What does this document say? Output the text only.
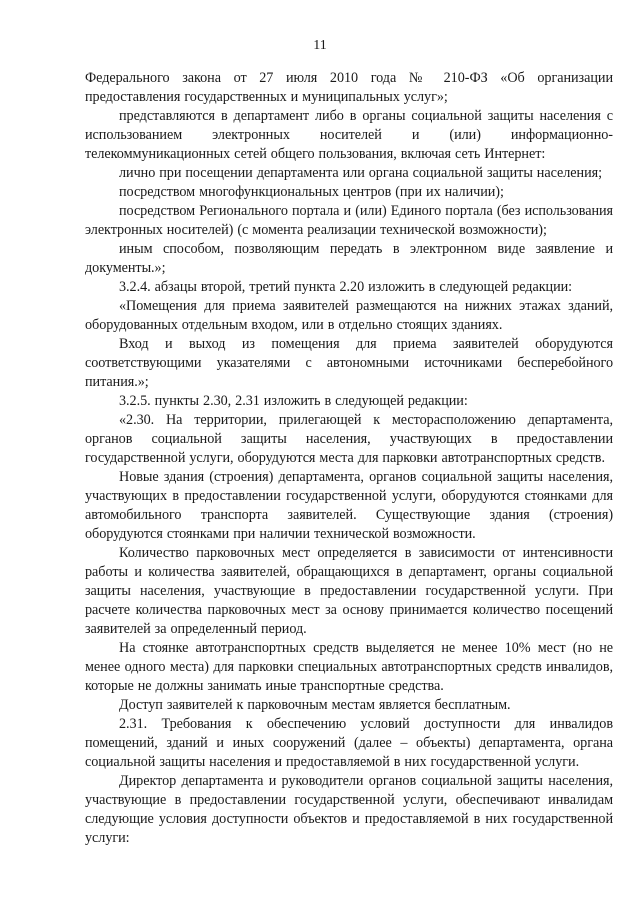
11

Федерального закона от 27 июля 2010 года № 210-ФЗ «Об организации предоставления государственных и муниципальных услуг»;

представляются в департамент либо в органы социальной защиты населения с использованием электронных носителей и (или) информационно-телекоммуникационных сетей общего пользования, включая сеть Интернет:

лично при посещении департамента или органа социальной защиты населения;

посредством многофункциональных центров (при их наличии);

посредством Регионального портала и (или) Единого портала (без использования электронных носителей) (с момента реализации технической возможности);

иным способом, позволяющим передать в электронном виде заявление и документы.»;

3.2.4. абзацы второй, третий пункта 2.20 изложить в следующей редакции:

«Помещения для приема заявителей размещаются на нижних этажах зданий, оборудованных отдельным входом, или в отдельно стоящих зданиях.

Вход и выход из помещения для приема заявителей оборудуются соответствующими указателями с автономными источниками бесперебойного питания.»;

3.2.5. пункты 2.30, 2.31 изложить в следующей редакции:

«2.30. На территории, прилегающей к месторасположению департамента, органов социальной защиты населения, участвующих в предоставлении государственной услуги, оборудуются места для парковки автотранспортных средств.

Новые здания (строения) департамента, органов социальной защиты населения, участвующих в предоставлении государственной услуги, оборудуются стоянками для автомобильного транспорта заявителей. Существующие здания (строения) оборудуются стоянками при наличии технической возможности.

Количество парковочных мест определяется в зависимости от интенсивности работы и количества заявителей, обращающихся в департамент, органы социальной защиты населения, участвующие в предоставлении государственной услуги. При расчете количества парковочных мест за основу принимается количество посещений заявителей за определенный период.

На стоянке автотранспортных средств выделяется не менее 10% мест (но не менее одного места) для парковки специальных автотранспортных средств инвалидов, которые не должны занимать иные транспортные средства.

Доступ заявителей к парковочным местам является бесплатным.

2.31. Требования к обеспечению условий доступности для инвалидов помещений, зданий и иных сооружений (далее – объекты) департамента, органа социальной защиты населения и предоставляемой в них государственной услуги.

Директор департамента и руководители органов социальной защиты населения, участвующие в предоставлении государственной услуги, обеспечивают инвалидам следующие условия доступности объектов и предоставляемой в них государственной услуги:
